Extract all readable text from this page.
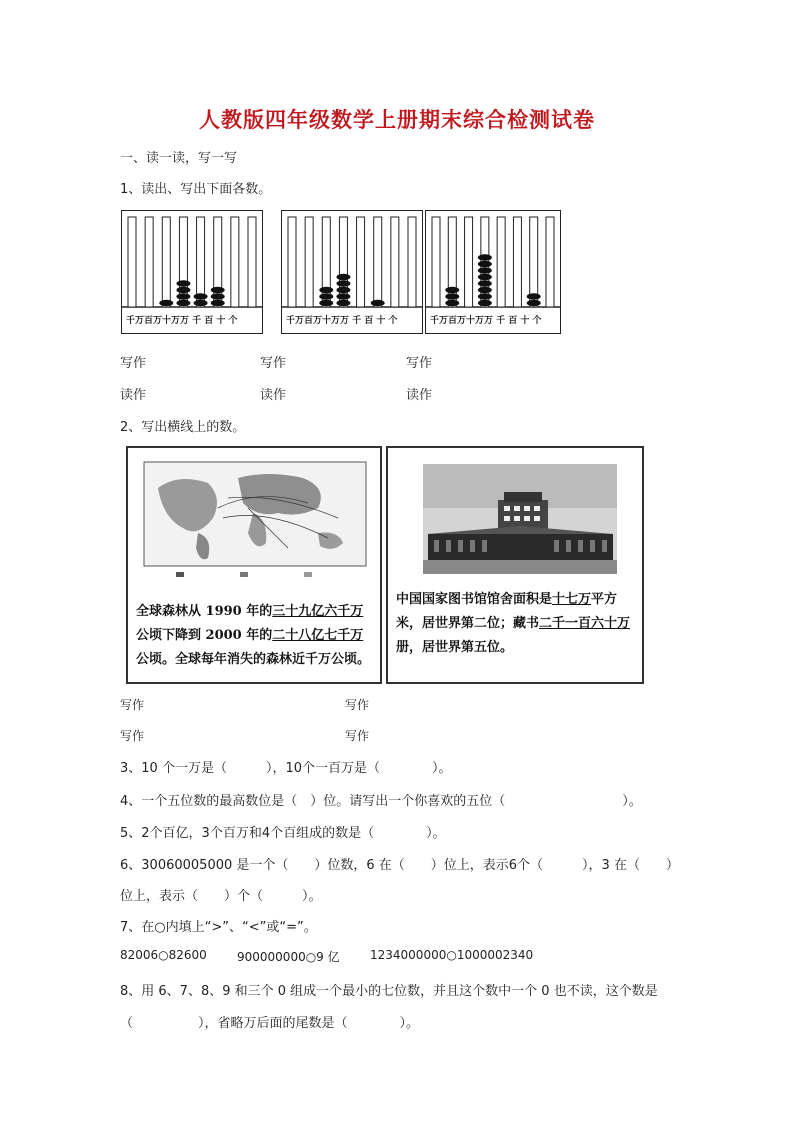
人教版四年级数学上册期末综合检测试卷
一、读一读，写一写
1、读出、写出下面各数。
千万百万十万万 千 百 十 个	千万百万十万万 千 百 十 个	千万百万十万万 千 百 十 个
写作	写作	写作
读作	读作	读作
2、写出横线上的数。
全球森林从 1990 年的三十九亿六千万公顷下降到 2000 年的二十八亿七千万公顷。全球每年消失的森林近千万公顷。
中国国家图书馆馆舍面积是十七万平方米，居世界第二位；藏书二千一百六十万册，居世界第五位。
写作	写作
写作	写作
3、10 个一万是（　　　），10个一百万是（　　　　）。
4、一个五位数的最高数位是（　）位。请写出一个你喜欢的五位（　　　　　　　　　）。
5、2个百亿，3个百万和4个百组成的数是（　　　　）。
6、30060005000 是一个（　　）位数，6 在（　　）位上，表示6个（　　　），3 在（　　）
位上，表示（　　）个（　　　）。
7、在○内填上“>”、“<”或“=”。
82006○82600	900000000○9 亿	1234000000○1000002340
8、用 6、7、8、9 和三个 0 组成一个最小的七位数，并且这个数中一个 0 也不读，这个数是
（　　　　　），省略万后面的尾数是（　　　　）。
